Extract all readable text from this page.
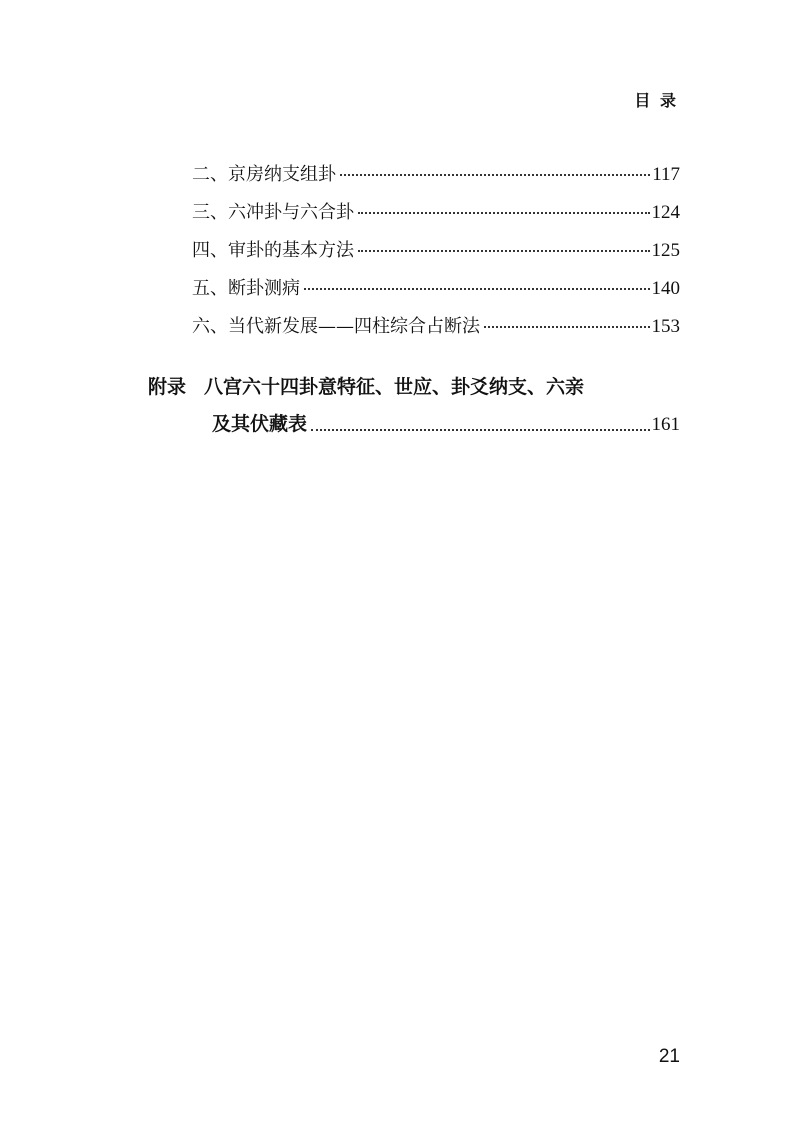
目 录
二、京房纳支组卦	117
三、六冲卦与六合卦	124
四、审卦的基本方法	125
五、断卦测病	140
六、当代新发展——四柱综合占断法	153
附录 八宫六十四卦意特征、世应、卦爻纳支、六亲
及其伏藏表	161
21
